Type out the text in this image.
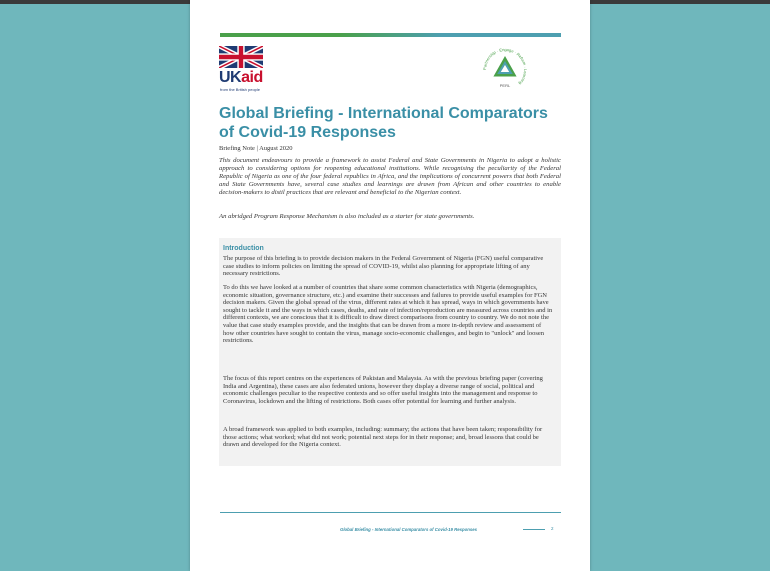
UKaid
from the British people
Partnership · Engage · Reform · Learning
PERL
Global Briefing - International Comparators of Covid-19 Responses
Briefing Note | August 2020

This document endeavours to provide a framework to assist Federal and State Governments in Nigeria to adopt a holistic approach to considering options for reopening educational institutions. While recognising the peculiarity of the Federal Republic of Nigeria as one of the four federal republics in Africa, and the implications of concurrent powers that both Federal and State Governments have, several case studies and learnings are drawn from African and other countries to enable decision-makers to distil practices that are relevant and beneficial to the Nigerian context.

An abridged Program Response Mechanism is also included as a starter for state governments.

Introduction

The purpose of this briefing is to provide decision makers in the Federal Government of Nigeria (FGN) useful comparative case studies to inform policies on limiting the spread of COVID-19, whilst also planning for appropriate lifting of any necessary restrictions.

To do this we have looked at a number of countries that share some common characteristics with Nigeria (demographics, economic situation, governance structure, etc.) and examine their successes and failures to provide useful examples for FGN decision makers. Given the global spread of the virus, different rates at which it has spread, ways in which governments have sought to tackle it and the ways in which cases, deaths, and rate of infection/reproduction are measured across countries and in different contexts, we are conscious that it is difficult to draw direct comparisons from country to country. We do not note the value that case study examples provide, and the insights that can be drawn from a more in-depth review and assessment of how other countries have sought to contain the virus, manage socio-economic challenges, and begin to "unlock" and loosen restrictions.

The focus of this report centres on the experiences of Pakistan and Malaysia. As with the previous briefing paper (covering India and Argentina), these cases are also federated unions, however they display a diverse range of social, political and economic challenges peculiar to the respective contexts and so offer useful insights into the management and response to Coronavirus, lockdown and the lifting of restrictions. Both cases offer potential for learning and further analysis.

A broad framework was applied to both examples, including: summary; the actions that have been taken; responsibility for those actions; what worked; what did not work; potential next steps for in their response; and, broad lessons that could be drawn and developed for the Nigeria context.

Global Briefing - International Comparators of Covid-19 Responses	2
